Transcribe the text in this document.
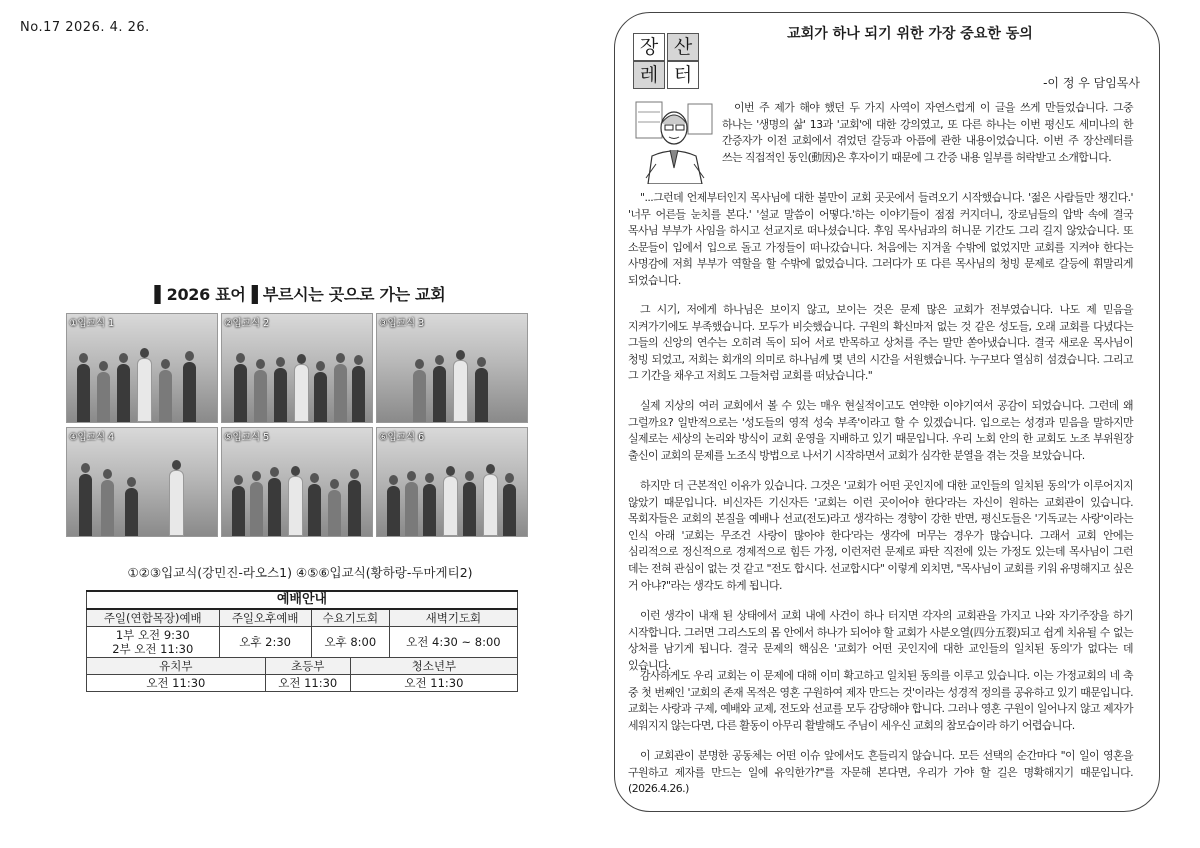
No.17 2026. 4. 26.
▌2026 표어▐ 부르시는 곳으로 가는 교회
①입교식 1	②입교식 2	③입교식 3
④입교식 4	⑤입교식 5	⑥입교식 6
①②③입교식(강민진-라오스1) ④⑤⑥입교식(황하랑-두마게티2)
예배안내					
주일(연합목장)예배	주일오후예배		수요기도회		새벽기도회

1부 오전 9:30
2부 오전 11:30	오후 2:30		오후 8:00		오전 4:30 ~ 8:00
유치부		초등부		청소년부	
오전 11:30		오전 11:30		오전 11:30	
장 산
레 터
교회가 하나 되기 위한 가장 중요한 동의
-이 정 우 담임목사

이번 주 제가 해야 했던 두 가지 사역이 자연스럽게 이 글을 쓰게 만들었습니다. 그중 하나는 '생명의 삶' 13과 '교회'에 대한 강의였고, 또 다른 하나는 이번 평신도 세미나의 한 간증자가 이전 교회에서 겪었던 갈등과 아픔에 관한 내용이었습니다. 이번 주 장산레터를 쓰는 직접적인 동인(動因)은 후자이기 때문에 그 간증 내용 일부를 허락받고 소개합니다.

"...그런데 언제부터인지 목사님에 대한 불만이 교회 곳곳에서 들려오기 시작했습니다. '젊은 사람들만 챙긴다.' '너무 어른들 눈치를 본다.' '설교 말씀이 어떻다.'하는 이야기들이 점점 커지더니, 장로님들의 압박 속에 결국 목사님 부부가 사임을 하시고 선교지로 떠나셨습니다. 후임 목사님과의 허니문 기간도 그리 길지 않았습니다. 또 소문들이 입에서 입으로 돌고 가정들이 떠나갔습니다. 처음에는 지겨울 수밖에 없었지만 교회를 지켜야 한다는 사명감에 저희 부부가 역할을 할 수밖에 없었습니다. 그러다가 또 다른 목사님의 청빙 문제로 갈등에 휘말리게 되었습니다.

그 시기, 저에게 하나님은 보이지 않고, 보이는 것은 문제 많은 교회가 전부였습니다. 나도 제 믿음을 지켜가기에도 부족했습니다. 모두가 비슷했습니다. 구원의 확신마저 없는 것 같은 성도들, 오래 교회를 다녔다는 그들의 신앙의 연수는 오히려 독이 되어 서로 반목하고 상처를 주는 말만 쏟아냈습니다. 결국 새로운 목사님이 청빙 되었고, 저희는 회개의 의미로 하나님께 몇 년의 시간을 서원했습니다. 누구보다 열심히 섬겼습니다. 그리고 그 기간을 채우고 저희도 그들처럼 교회를 떠났습니다."

실제 지상의 여러 교회에서 볼 수 있는 매우 현실적이고도 연약한 이야기여서 공감이 되었습니다. 그런데 왜 그럴까요? 일반적으로는 '성도들의 영적 성숙 부족'이라고 할 수 있겠습니다. 입으로는 성경과 믿음을 말하지만 실제로는 세상의 논리와 방식이 교회 운영을 지배하고 있기 때문입니다. 우리 노회 안의 한 교회도 노조 부위원장 출신이 교회의 문제를 노조식 방법으로 나서기 시작하면서 교회가 심각한 분열을 겪는 것을 보았습니다.

하지만 더 근본적인 이유가 있습니다. 그것은 '교회가 어떤 곳인지에 대한 교인들의 일치된 동의'가 이루어지지 않았기 때문입니다. 비신자든 기신자든 '교회는 이런 곳이어야 한다'라는 자신이 원하는 교회관이 있습니다. 목회자들은 교회의 본질을 예배나 선교(전도)라고 생각하는 경향이 강한 반면, 평신도들은 '기독교는 사랑'이라는 인식 아래 '교회는 무조건 사랑이 많아야 한다'라는 생각에 머무는 경우가 많습니다. 그래서 교회 안에는 심리적으로 정신적으로 경제적으로 힘든 가정, 이런저런 문제로 파탄 직전에 있는 가정도 있는데 목사님이 그런 데는 전혀 관심이 없는 것 같고 "전도 합시다. 선교합시다" 이렇게 외치면, "목사님이 교회를 키워 유명해지고 싶은 거 아냐?"라는 생각도 하게 됩니다.

이런 생각이 내재 된 상태에서 교회 내에 사건이 하나 터지면 각자의 교회관을 가지고 나와 자기주장을 하기 시작합니다. 그러면 그리스도의 몸 안에서 하나가 되어야 할 교회가 사분오열(四分五裂)되고 쉽게 치유될 수 없는 상처를 남기게 됩니다. 결국 문제의 핵심은 '교회가 어떤 곳인지에 대한 교인들의 일치된 동의'가 없다는 데 있습니다.

감사하게도 우리 교회는 이 문제에 대해 이미 확고하고 일치된 동의를 이루고 있습니다. 이는 가정교회의 네 축 중 첫 번째인 '교회의 존재 목적은 영혼 구원하여 제자 만드는 것'이라는 성경적 정의를 공유하고 있기 때문입니다. 교회는 사랑과 구제, 예배와 교제, 전도와 선교를 모두 감당해야 합니다. 그러나 영혼 구원이 일어나지 않고 제자가 세워지지 않는다면, 다른 활동이 아무리 활발해도 주님이 세우신 교회의 참모습이라 하기 어렵습니다.

이 교회관이 분명한 공동체는 어떤 이슈 앞에서도 흔들리지 않습니다. 모든 선택의 순간마다 "이 일이 영혼을 구원하고 제자를 만드는 일에 유익한가?"를 자문해 본다면, 우리가 가야 할 길은 명확해지기 때문입니다. (2026.4.26.)
